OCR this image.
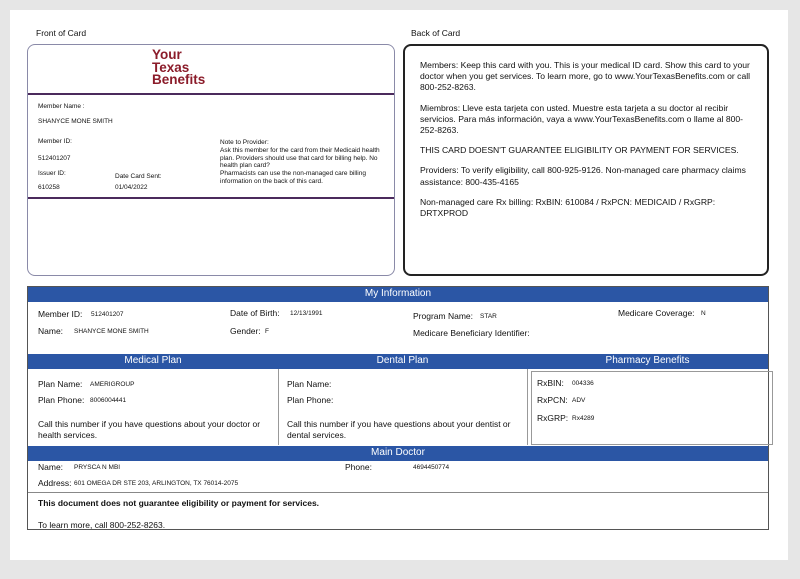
Front of Card	Back of Card
Your
Texas
Benefits
Member Name :
SHANYCE MONE SMITH
Member ID:
512401207
Issuer ID:
610258
Date Card Sent:
01/04/2022
Note to Provider:
Ask this member for the card from their Medicaid health plan. Providers should use that card for billing help. No health plan card?
Pharmacists can use the non-managed care billing information on the back of this card.

Members: Keep this card with you. This is your medical ID card. Show this card to your doctor when you get services. To learn more, go to www.YourTexasBenefits.com or call 800-252-8263.

Miembros: Lleve esta tarjeta con usted. Muestre esta tarjeta a su doctor al recibir servicios. Para más información, vaya a www.YourTexasBenefits.com o llame al 800-252-8263.

THIS CARD DOESN'T GUARANTEE ELIGIBILITY OR PAYMENT FOR SERVICES.

Providers: To verify eligibility, call 800-925-9126. Non-managed care pharmacy claims assistance: 800-435-4165

Non-managed care Rx billing: RxBIN: 610084 / RxPCN: MEDICAID / RxGRP: DRTXPROD

My Information
Member ID: 512401207	Date of Birth: 12/13/1991	Program Name: STAR	Medicare Coverage: N
Name: SHANYCE MONE SMITH	Gender: F	Medicare Beneficiary Identifier:
Medical Plan	Dental Plan	Pharmacy Benefits
Plan Name: AMERIGROUP
Plan Phone: 8006004441
Call this number if you have questions about your doctor or health services.
Plan Name:
Plan Phone:
Call this number if you have questions about your dentist or dental services.
RxBIN: 004336
RxPCN: ADV
RxGRP: Rx4289
Main Doctor
Name: PRYSCA N MBI	Phone:	4694450774
Address: 601 OMEGA DR STE 203, ARLINGTON, TX 76014-2075
This document does not guarantee eligibility or payment for services.
To learn more, call 800-252-8263.
